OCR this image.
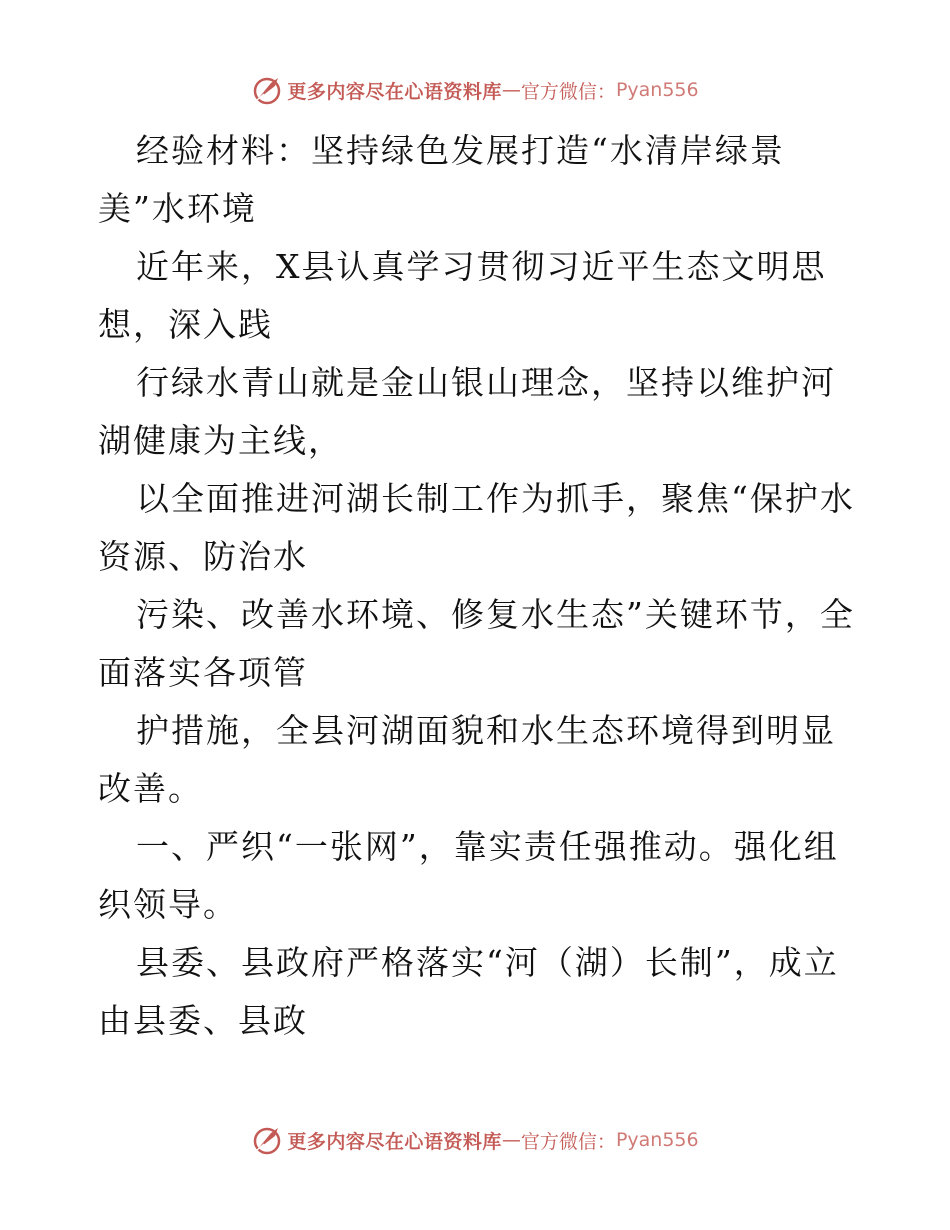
更多内容尽在心语资料库 — 官方微信： Pyan556

经验材料：坚持绿色发展打造“水清岸绿景美”水环境

近年来，X县认真学习贯彻习近平生态文明思想，深入践

行绿水青山就是金山银山理念，坚持以维护河湖健康为主线，

以全面推进河湖长制工作为抓手，聚焦“保护水资源、防治水

污染、改善水环境、修复水生态”关键环节，全面落实各项管

护措施，全县河湖面貌和水生态环境得到明显改善。

一、严织“一张网”，靠实责任强推动。强化组织领导。

县委、县政府严格落实“河（湖）长制”，成立由县委、县政

更多内容尽在心语资料库 — 官方微信： Pyan556
